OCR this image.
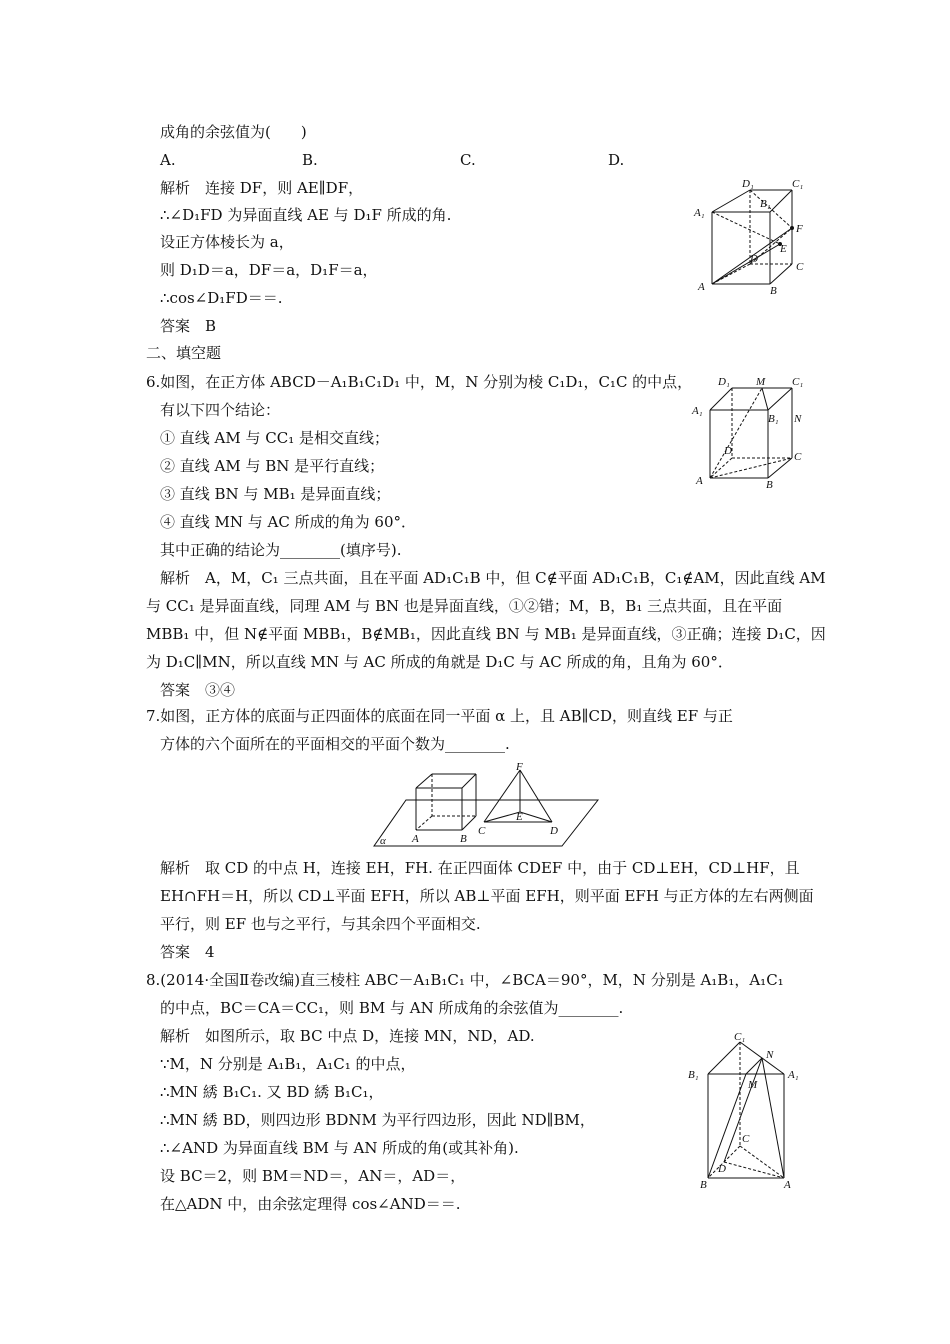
成角的余弦值为(　　)
A.	B.	C.	D.
解析　连接 DF，则 AE∥DF，
∴∠D₁FD 为异面直线 AE 与 D₁F 所成的角.
设正方体棱长为 a，
则 D₁D＝a，DF＝a，D₁F＝a，
∴cos∠D₁FD＝＝.
答案　B
D₁	C₁
A₁
B₁
F
D
E
C
A	B
二、填空题
6.如图，在正方体 ABCD－A₁B₁C₁D₁ 中，M，N 分别为棱 C₁D₁，C₁C 的中点，
有以下四个结论：
① 直线 AM 与 CC₁ 是相交直线；
② 直线 AM 与 BN 是平行直线；
③ 直线 BN 与 MB₁ 是异面直线；
④ 直线 MN 与 AC 所成的角为 60°．
其中正确的结论为________(填序号).
解析　A，M，C₁ 三点共面，且在平面 AD₁C₁B 中，但 C∉平面 AD₁C₁B，C₁∉AM，因此直线 AM
与 CC₁ 是异面直线，同理 AM 与 BN 也是异面直线，①②错；M，B，B₁ 三点共面，且在平面
MBB₁ 中，但 N∉平面 MBB₁，B∉MB₁，因此直线 BN 与 MB₁ 是异面直线，③正确；连接 D₁C，因
为 D₁C∥MN，所以直线 MN 与 AC 所成的角就是 D₁C 与 AC 所成的角，且角为 60°．
答案　③④
D₁ M C₁
A₁
B₁ N
D	C
A	B
7.如图，正方体的底面与正四面体的底面在同一平面 α 上，且 AB∥CD，则直线 EF 与正
方体的六个面所在的平面相交的平面个数为________.
F
E
α A	B
C	D
解析　取 CD 的中点 H，连接 EH，FH. 在正四面体 CDEF 中，由于 CD⊥EH，CD⊥HF，且
EH∩FH＝H，所以 CD⊥平面 EFH，所以 AB⊥平面 EFH，则平面 EFH 与正方体的左右两侧面
平行，则 EF 也与之平行，与其余四个平面相交.
答案　4
8.(2014·全国Ⅱ卷改编)直三棱柱 ABC－A₁B₁C₁ 中，∠BCA＝90°，M，N 分别是 A₁B₁，A₁C₁
的中点，BC＝CA＝CC₁，则 BM 与 AN 所成角的余弦值为________.
解析　如图所示，取 BC 中点 D，连接 MN，ND，AD.
∵M，N 分别是 A₁B₁，A₁C₁ 的中点，
∴MN 綉 B₁C₁. 又 BD 綉 B₁C₁，
∴MN 綉 BD，则四边形 BDNM 为平行四边形，因此 ND∥BM，
∴∠AND 为异面直线 BM 与 AN 所成的角(或其补角).
设 BC＝2，则 BM＝ND＝，AN＝，AD＝，
在△ADN 中，由余弦定理得 cos∠AND＝＝.
C₁
N
B₁
M
A₁
C
D
B	A
